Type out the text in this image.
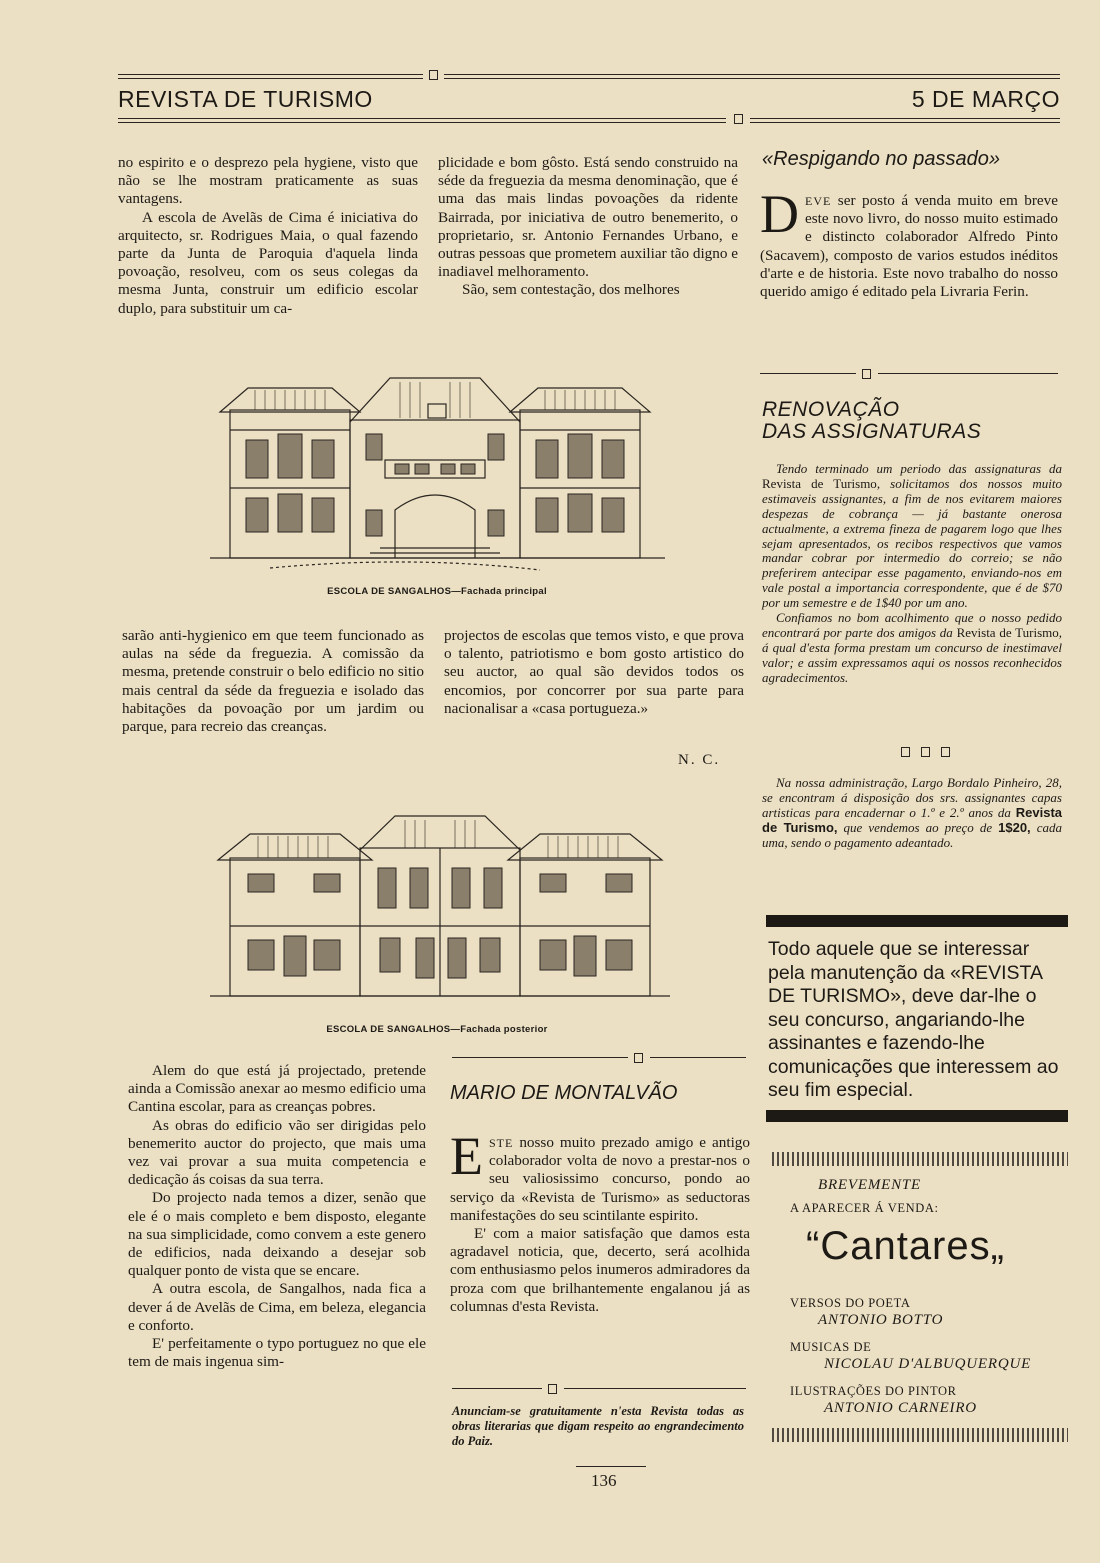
REVISTA DE TURISMO	5 DE MARÇO

no espirito e o desprezo pela hygiene, visto que não se lhe mostram praticamente as suas vantagens.

A escola de Avelãs de Cima é iniciativa do arquitecto, sr. Rodrigues Maia, o qual fazendo parte da Junta de Paroquia d'aquela linda povoação, resolveu, com os seus colegas da mesma Junta, construir um edificio escolar duplo, para substituir um ca-

plicidade e bom gôsto. Está sendo construido na séde da freguezia da mesma denominação, que é uma das mais lindas povoações da ridente Bairrada, por iniciativa de outro benemerito, o proprietario, sr. Antonio Fernandes Urbano, e outras pessoas que prometem auxiliar tão digno e inadiavel melhoramento.

São, sem contestação, dos melhores

ESCOLA DE SANGALHOS—Fachada principal

sarão anti-hygienico em que teem funcionado as aulas na séde da freguezia. A comissão da mesma, pretende construir o belo edificio no sitio mais central da séde da freguezia e isolado das habitações da povoação por um jardim ou parque, para recreio das creanças.

projectos de escolas que temos visto, e que prova o talento, patriotismo e bom gosto artistico do seu auctor, ao qual são devidos todos os encomios, por concorrer por sua parte para nacionalisar a «casa portugueza.»

N. C.
ESCOLA DE SANGALHOS—Fachada posterior

Alem do que está já projectado, pretende ainda a Comissão anexar ao mesmo edificio uma Cantina escolar, para as creanças pobres.

As obras do edificio vão ser dirigidas pelo benemerito auctor do projecto, que mais uma vez vai provar a sua muita competencia e dedicação ás coisas da sua terra.

Do projecto nada temos a dizer, senão que ele é o mais completo e bem disposto, elegante na sua simplicidade, como convem a este genero de edificios, nada deixando a desejar sob qualquer ponto de vista que se encare.

A outra escola, de Sangalhos, nada fica a dever á de Avelãs de Cima, em beleza, elegancia e conforto.

E' perfeitamente o typo portuguez no que ele tem de mais ingenua sim-

MARIO DE MONTALVÃO

ESTE nosso muito prezado amigo e antigo colaborador volta de novo a prestar-nos o seu valiosissimo concurso, pondo ao serviço da «Revista de Turismo» as seductoras manifestações do seu scintilante espirito.

E' com a maior satisfação que damos esta agradavel noticia, que, decerto, será acolhida com enthusiasmo pelos inumeros admiradores da proza com que brilhantemente engalanou já as columnas d'esta Revista.

Anunciam-se gratuitamente n'esta Revista todas as obras literarias que digam respeito ao engrandecimento do Paiz.
«Respigando no passado»

DEVE ser posto á venda muito em breve este novo livro, do nosso muito estimado e distincto colaborador Alfredo Pinto (Sacavem), composto de varios estudos inéditos d'arte e de historia. Este novo trabalho do nosso querido amigo é editado pela Livraria Ferin.

RENOVAÇÃO
DAS ASSIGNATURAS

Tendo terminado um periodo das assignaturas da Revista de Turismo, solicitamos dos nossos muito estimaveis assignantes, a fim de nos evitarem maiores despezas de cobrança — já bastante onerosa actualmente, a extrema fineza de pagarem logo que lhes sejam apresentados, os recibos respectivos que vamos mandar cobrar por intermedio do correio; se não preferirem antecipar esse pagamento, enviando-nos em vale postal a importancia correspondente, que é de $70 por um semestre e de 1$40 por um ano.

Confiamos no bom acolhimento que o nosso pedido encontrará por parte dos amigos da Revista de Turismo, á qual d'esta forma prestam um concurso de inestimavel valor; e assim expressamos aqui os nossos reconhecidos agradecimentos.

Na nossa administração, Largo Bordalo Pinheiro, 28, se encontram á disposição dos srs. assignantes capas artisticas para encadernar o 1.º e 2.º anos da Revista de Turismo, que vendemos ao preço de 1$20, cada uma, sendo o pagamento adeantado.

Todo aquele que se interessar pela manutenção da «REVISTA DE TURISMO», deve dar-lhe o seu concurso, angariando-lhe assinantes e fazendo-lhe comunicações que interessem ao seu fim especial.
BREVEMENTE
A APARECER Á VENDA:
“Cantares„
VERSOS DO POETA
ANTONIO BOTTO
MUSICAS DE
NICOLAU D'ALBUQUERQUE
ILUSTRAÇÕES DO PINTOR
ANTONIO CARNEIRO
136
